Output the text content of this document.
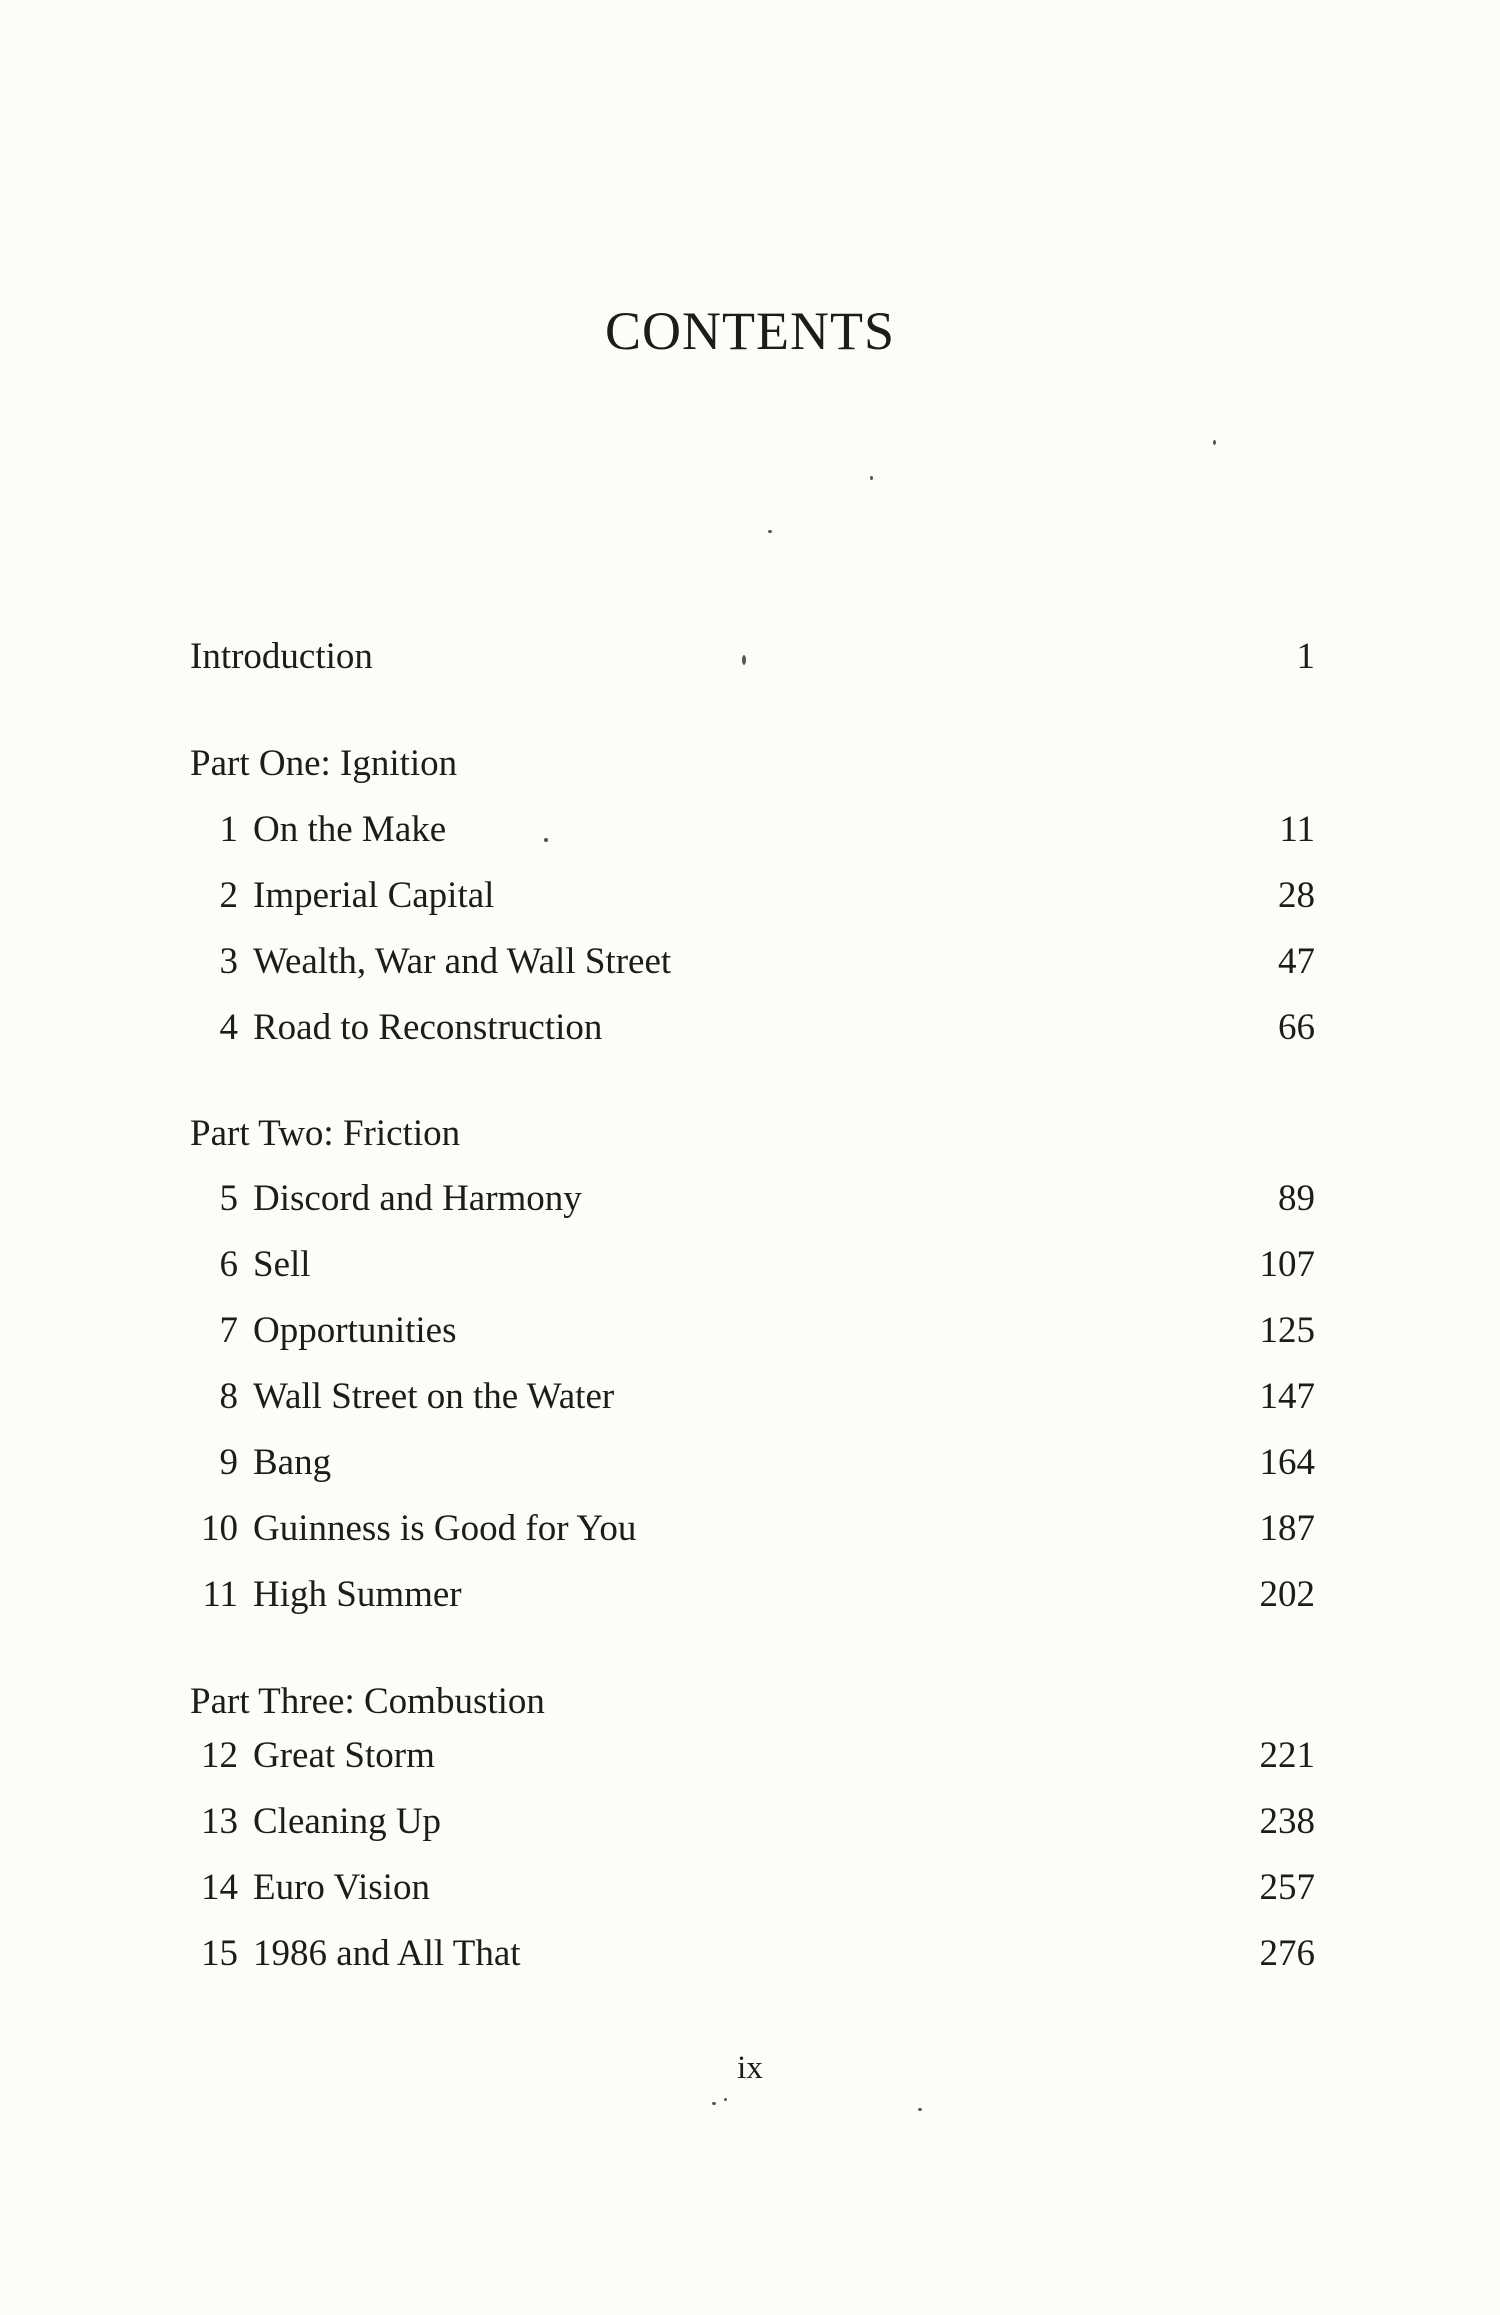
CONTENTS
Introduction	1
Part One: Ignition
1 On the Make	11
2 Imperial Capital	28
3 Wealth, War and Wall Street	47
4 Road to Reconstruction	66
Part Two: Friction
5 Discord and Harmony	89
6 Sell	107
7 Opportunities	125
8 Wall Street on the Water	147
9 Bang	164
10 Guinness is Good for You	187
11 High Summer	202
Part Three: Combustion
12 Great Storm	221
13 Cleaning Up	238
14 Euro Vision	257
15 1986 and All That	276
ix
